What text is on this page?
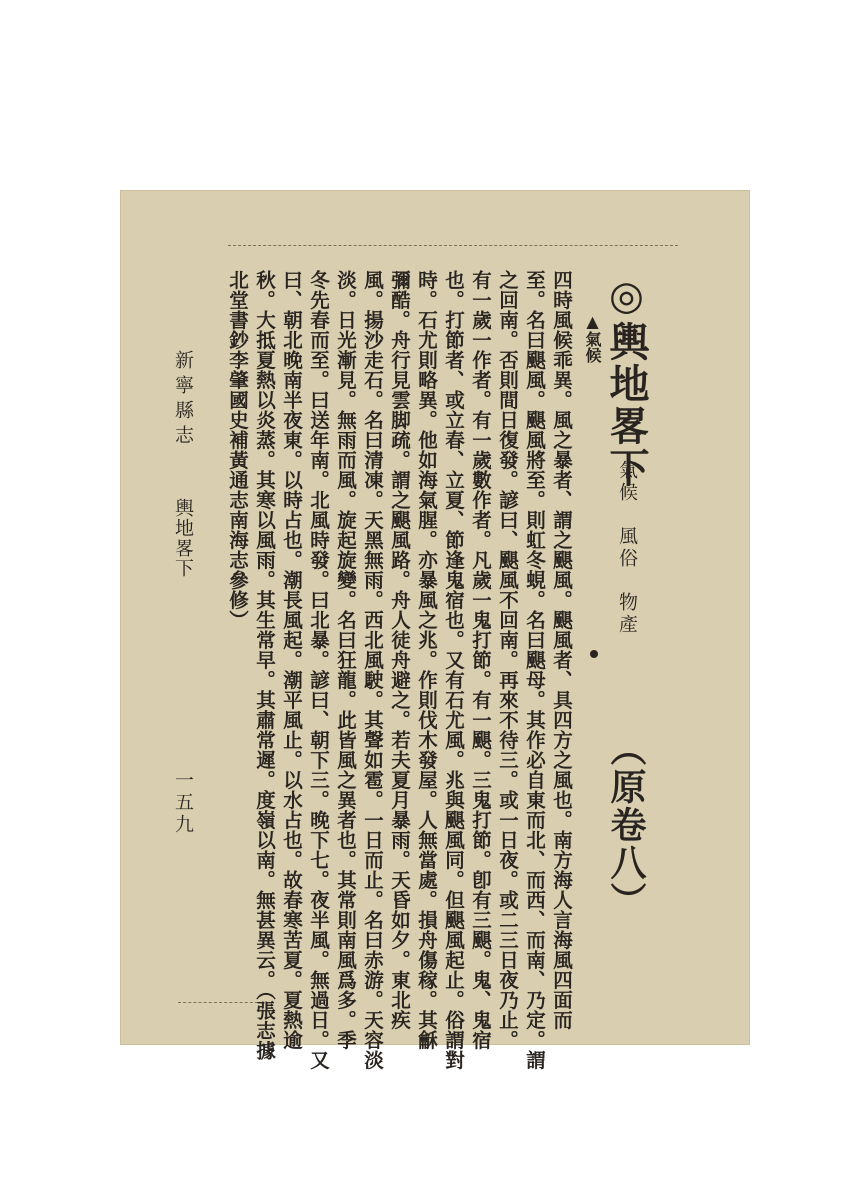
◎輿地畧下
氣候　風俗　物產
（原卷八）
▲氣候
四時風候乖異。風之暴者、謂之颶風。颶風者、具四方之風也。南方海人言海風四面而
至。名曰颶風。颶風將至。則虹冬蜆。名曰颶母。其作必自東而北、而西、而南、乃定。謂
之回南。否則間日復發。諺曰、颶風不回南。再來不待三。或一日夜。或二三日夜乃止。
有一歲一作者。有一歲數作者。凡歲一鬼打節。有一颶。三鬼打節。卽有三颶。鬼、鬼宿
也。打節者、或立春、立夏、節逢鬼宿也。又有石尤風。兆與颶風同。但颶風起止。俗謂對
時。石尤則略異。他如海氣腥。亦暴風之兆。作則伐木發屋。人無當處。損舟傷稼。其龢
彌酷。舟行見雲脚疏。謂之颶風路。舟人徒舟避之。若夫夏月暴雨。天昏如夕。東北疾
風。揚沙走石。名曰清凍。天黑無雨。西北風駛。其聲如雹。一日而止。名曰赤游。天容淡
淡。日光漸見。無雨而風。旋起旋變。名曰狂龍。此皆風之異者也。其常則南風爲多。季
冬先春而至。曰送年南。北風時發。曰北暴。諺曰、朝下三。晚下七。夜半風。無過日。又
曰、朝北晚南半夜東。以時占也。潮長風起。潮平風止。以水占也。故春寒苦夏。夏熱逾
秋。大抵夏熱以炎蒸。其寒以風雨。其生常早。其肅常遲。度嶺以南。無甚異云。（張志據
北堂書鈔李肇國史補黃通志南海志參修）
新寧縣志
輿地畧下
一五九
